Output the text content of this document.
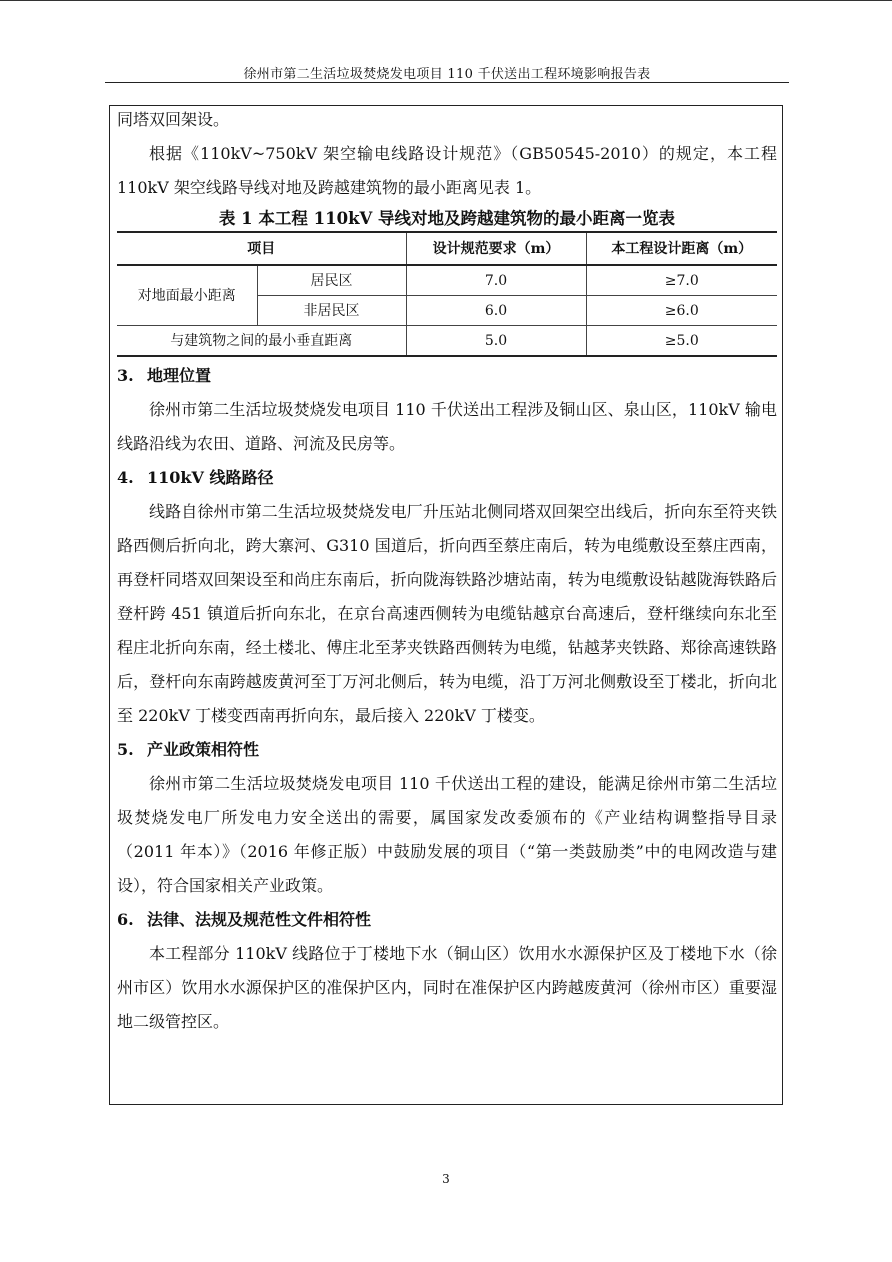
徐州市第二生活垃圾焚烧发电项目 110 千伏送出工程环境影响报告表

同塔双回架设。

根据《110kV~750kV 架空输电线路设计规范》（GB50545-2010）的规定，本工程 110kV 架空线路导线对地及跨越建筑物的最小距离见表 1。

表 1 本工程 110kV 导线对地及跨越建筑物的最小距离一览表
项目		设计规范要求（m）	本工程设计距离（m）
对地面最小距离	居民区	7.0	≥7.0
	非居民区	6.0	≥6.0
与建筑物之间的最小垂直距离		5.0	≥5.0
3. 地理位置

徐州市第二生活垃圾焚烧发电项目 110 千伏送出工程涉及铜山区、泉山区，110kV 输电线路沿线为农田、道路、河流及民房等。

4. 110kV 线路路径

线路自徐州市第二生活垃圾焚烧发电厂升压站北侧同塔双回架空出线后，折向东至符夹铁路西侧后折向北，跨大寨河、G310 国道后，折向西至蔡庄南后，转为电缆敷设至蔡庄西南，再登杆同塔双回架设至和尚庄东南后，折向陇海铁路沙塘站南，转为电缆敷设钻越陇海铁路后登杆跨 451 镇道后折向东北，在京台高速西侧转为电缆钻越京台高速后，登杆继续向东北至程庄北折向东南，经土楼北、傅庄北至茅夹铁路西侧转为电缆，钻越茅夹铁路、郑徐高速铁路后，登杆向东南跨越废黄河至丁万河北侧后，转为电缆，沿丁万河北侧敷设至丁楼北，折向北至 220kV 丁楼变西南再折向东，最后接入 220kV 丁楼变。

5. 产业政策相符性

徐州市第二生活垃圾焚烧发电项目 110 千伏送出工程的建设，能满足徐州市第二生活垃圾焚烧发电厂所发电力安全送出的需要，属国家发改委颁布的《产业结构调整指导目录（2011 年本）》（2016 年修正版）中鼓励发展的项目（“第一类鼓励类”中的电网改造与建设），符合国家相关产业政策。

6. 法律、法规及规范性文件相符性

本工程部分 110kV 线路位于丁楼地下水（铜山区）饮用水水源保护区及丁楼地下水（徐州市区）饮用水水源保护区的准保护区内，同时在准保护区内跨越废黄河（徐州市区）重要湿地二级管控区。

3
